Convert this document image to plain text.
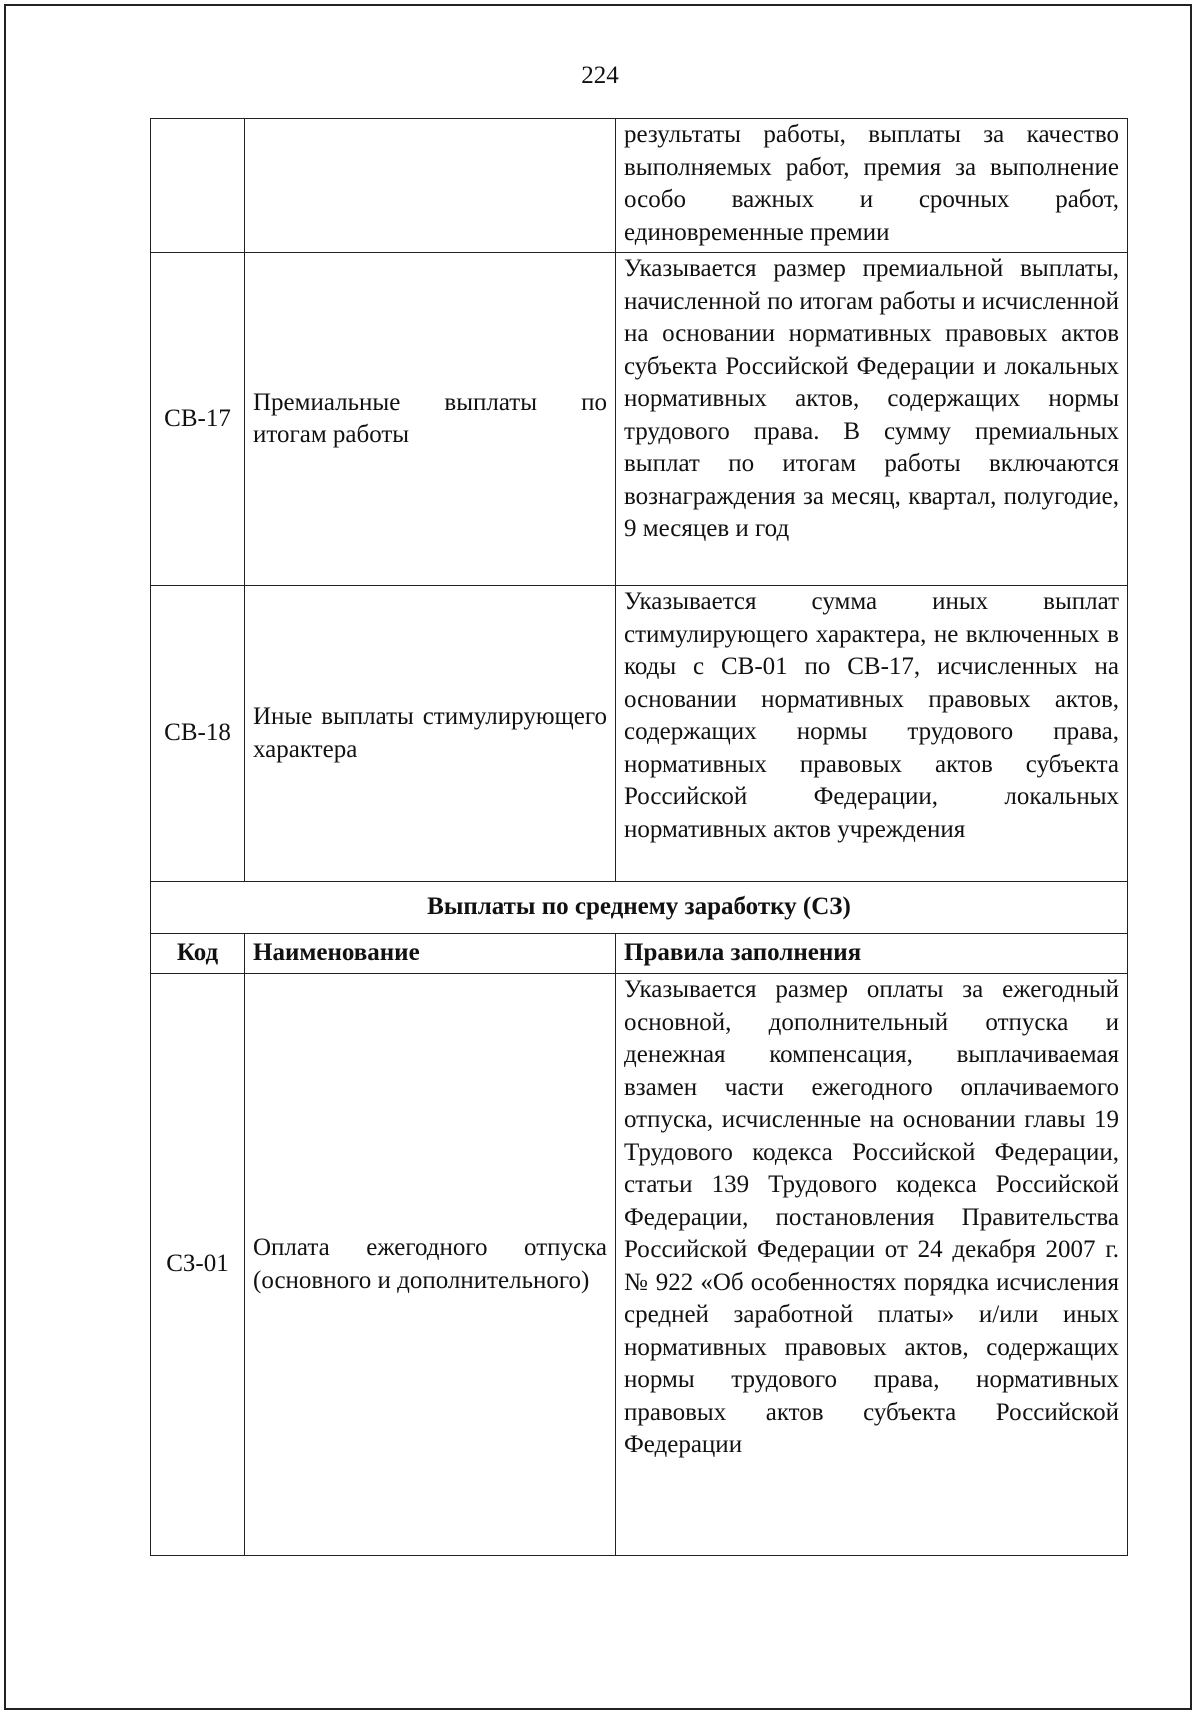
224
		результаты работы, выплаты за качество выполняемых работ, премия за выполнение особо важных и срочных работ, единовременные премии
СВ-17	Премиальные выплаты по итогам работы	Указывается размер премиальной выплаты, начисленной по итогам работы и исчисленной на основании нормативных правовых актов субъекта Российской Федерации и локальных нормативных актов, содержащих нормы трудового права. В сумму премиальных выплат по итогам работы включаются вознаграждения за месяц, квартал, полугодие, 9 месяцев и год
СВ-18	Иные выплаты стимулирующего характера	Указывается сумма иных выплат стимулирующего характера, не включенных в коды с СВ-01 по СВ-17, исчисленных на основании нормативных правовых актов, содержащих нормы трудового права, нормативных правовых актов субъекта Российской Федерации, локальных нормативных актов учреждения
Выплаты по среднему заработку (СЗ)		
Код	Наименование	Правила заполнения
СЗ-01	Оплата ежегодного отпуска (основного и дополнительного)	Указывается размер оплаты за ежегодный основной, дополнительный отпуска и денежная компенсация, выплачиваемая взамен части ежегодного оплачиваемого отпуска, исчисленные на основании главы 19 Трудового кодекса Российской Федерации, статьи 139 Трудового кодекса Российской Федерации, постановления Правительства Российской Федерации от 24 декабря 2007 г. № 922 «Об особенностях порядка исчисления средней заработной платы» и/или иных нормативных правовых актов, содержащих нормы трудового права, нормативных правовых актов субъекта Российской Федерации
